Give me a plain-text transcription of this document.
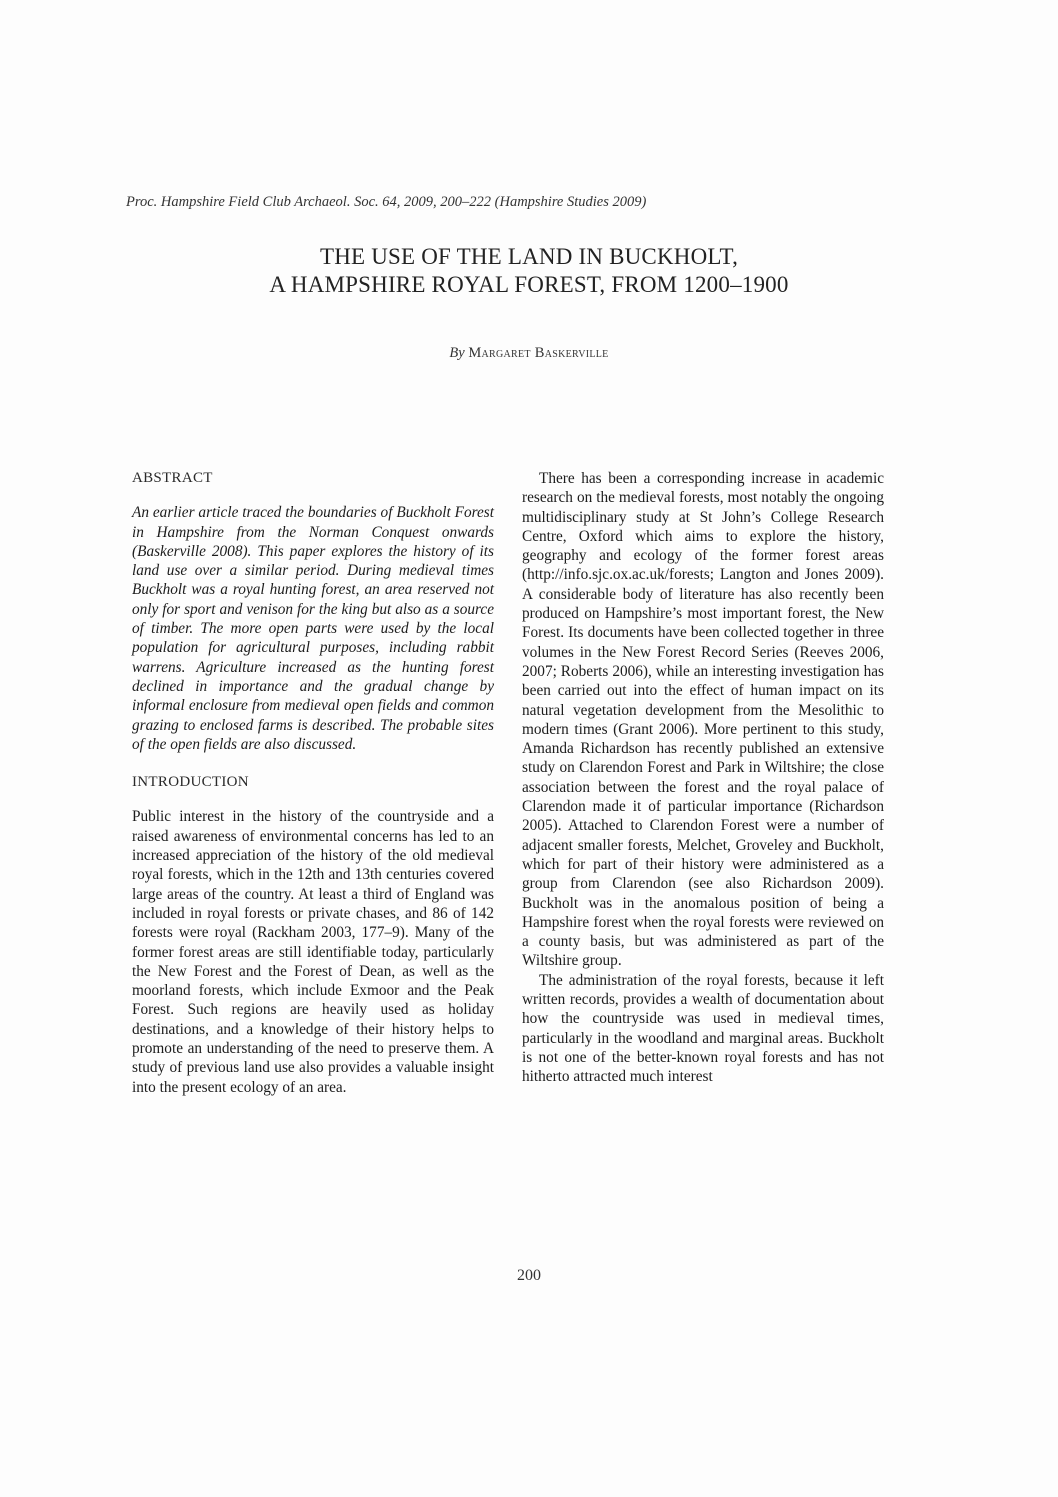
Proc. Hampshire Field Club Archaeol. Soc. 64, 2009, 200–222 (Hampshire Studies 2009)
THE USE OF THE LAND IN BUCKHOLT,
A HAMPSHIRE ROYAL FOREST, FROM 1200–1900
By Margaret Baskerville
ABSTRACT

An earlier article traced the boundaries of Buckholt Forest in Hampshire from the Norman Conquest onwards (Baskerville 2008). This paper explores the history of its land use over a similar period. During medieval times Buckholt was a royal hunting forest, an area reserved not only for sport and venison for the king but also as a source of timber. The more open parts were used by the local population for agricultural purposes, including rabbit warrens. Agriculture increased as the hunting forest declined in importance and the gradual change by informal enclosure from medieval open fields and common grazing to enclosed farms is described. The probable sites of the open fields are also discussed.

INTRODUCTION

Public interest in the history of the countryside and a raised awareness of environmental concerns has led to an increased appreciation of the history of the old medieval royal forests, which in the 12th and 13th centuries covered large areas of the country. At least a third of England was included in royal forests or private chases, and 86 of 142 forests were royal (Rackham 2003, 177–9). Many of the former forest areas are still identifiable today, particularly the New Forest and the Forest of Dean, as well as the moorland forests, which include Exmoor and the Peak Forest. Such regions are heavily used as holiday destinations, and a knowledge of their history helps to promote an understanding of the need to preserve them. A study of previous land use also provides a valuable insight into the present ecology of an area.

There has been a corresponding increase in academic research on the medieval forests, most notably the ongoing multidisciplinary study at St John’s College Research Centre, Oxford which aims to explore the history, geography and ecology of the former forest areas (http://info.sjc.ox.ac.uk/forests; Langton and Jones 2009). A considerable body of literature has also recently been produced on Hampshire’s most important forest, the New Forest. Its documents have been collected together in three volumes in the New Forest Record Series (Reeves 2006, 2007; Roberts 2006), while an interesting investigation has been carried out into the effect of human impact on its natural vegetation development from the Mesolithic to modern times (Grant 2006). More pertinent to this study, Amanda Richardson has recently published an extensive study on Clarendon Forest and Park in Wiltshire; the close association between the forest and the royal palace of Clarendon made it of particular importance (Richardson 2005). Attached to Clarendon Forest were a number of adjacent smaller forests, Melchet, Groveley and Buckholt, which for part of their history were administered as a group from Clarendon (see also Richardson 2009). Buckholt was in the anomalous position of being a Hampshire forest when the royal forests were reviewed on a county basis, but was administered as part of the Wiltshire group.

The administration of the royal forests, because it left written records, provides a wealth of documentation about how the countryside was used in medieval times, particularly in the woodland and marginal areas. Buckholt is not one of the better-known royal forests and has not hitherto attracted much interest

200
